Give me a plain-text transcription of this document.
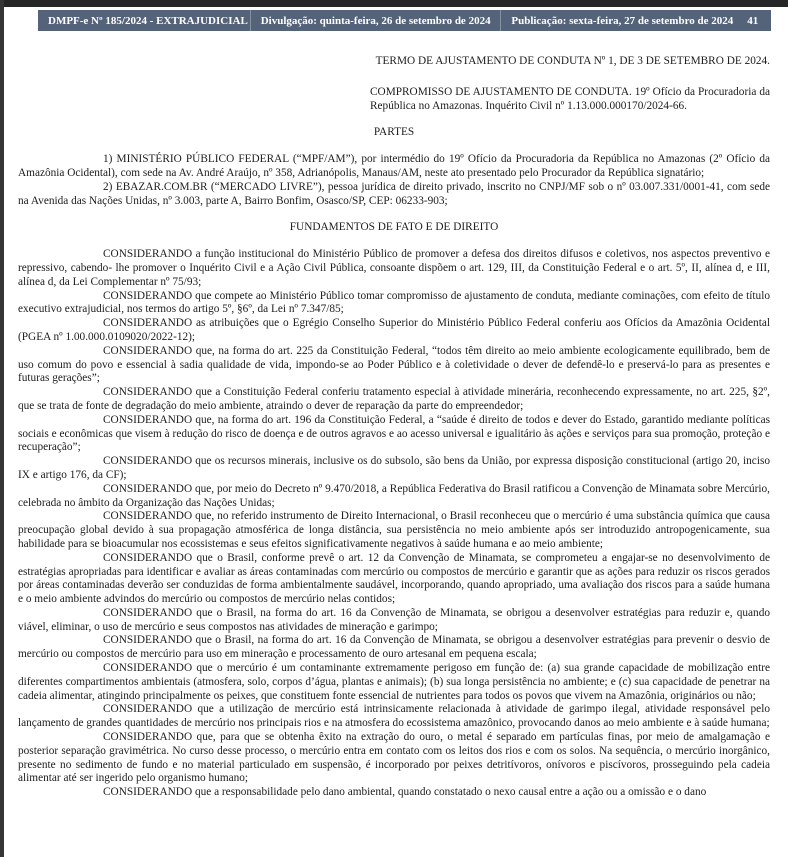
DMPF-e Nº 185/2024 - EXTRAJUDICIAL	Divulgação: quinta-feira, 26 de setembro de 2024	Publicação: sexta-feira, 27 de setembro de 2024	41

TERMO DE AJUSTAMENTO DE CONDUTA Nº 1, DE 3 DE SETEMBRO DE 2024.

COMPROMISSO DE AJUSTAMENTO DE CONDUTA. 19º Ofício da Procuradoria da República no Amazonas. Inquérito Civil nº 1.13.000.000170/2024-66.

PARTES

1) MINISTÉRIO PÚBLICO FEDERAL (“MPF/AM”), por intermédio do 19º Ofício da Procuradoria da República no Amazonas (2º Ofício da Amazônia Ocidental), com sede na Av. André Araújo, nº 358, Adrianópolis, Manaus/AM, neste ato presentado pelo Procurador da República signatário;

2) EBAZAR.COM.BR (“MERCADO LIVRE”), pessoa jurídica de direito privado, inscrito no CNPJ/MF sob o nº 03.007.331/0001-41, com sede na Avenida das Nações Unidas, nº 3.003, parte A, Bairro Bonfim, Osasco/SP, CEP: 06233-903;

FUNDAMENTOS DE FATO E DE DIREITO

CONSIDERANDO a função institucional do Ministério Público de promover a defesa dos direitos difusos e coletivos, nos aspectos preventivo e repressivo, cabendo- lhe promover o Inquérito Civil e a Ação Civil Pública, consoante dispõem o art. 129, III, da Constituição Federal e o art. 5º, II, alínea d, e III, alínea d, da Lei Complementar nº 75/93;

CONSIDERANDO que compete ao Ministério Público tomar compromisso de ajustamento de conduta, mediante cominações, com efeito de título executivo extrajudicial, nos termos do artigo 5º, §6º, da Lei nº 7.347/85;

CONSIDERANDO as atribuições que o Egrégio Conselho Superior do Ministério Público Federal conferiu aos Ofícios da Amazônia Ocidental (PGEA nº 1.00.000.0109020/2022-12);

CONSIDERANDO que, na forma do art. 225 da Constituição Federal, “todos têm direito ao meio ambiente ecologicamente equilibrado, bem de uso comum do povo e essencial à sadia qualidade de vida, impondo-se ao Poder Público e à coletividade o dever de defendê-lo e preservá-lo para as presentes e futuras gerações”;

CONSIDERANDO que a Constituição Federal conferiu tratamento especial à atividade minerária, reconhecendo expressamente, no art. 225, §2º, que se trata de fonte de degradação do meio ambiente, atraindo o dever de reparação da parte do empreendedor;

CONSIDERANDO que, na forma do art. 196 da Constituição Federal, a “saúde é direito de todos e dever do Estado, garantido mediante políticas sociais e econômicas que visem à redução do risco de doença e de outros agravos e ao acesso universal e igualitário às ações e serviços para sua promoção, proteção e recuperação”;

CONSIDERANDO que os recursos minerais, inclusive os do subsolo, são bens da União, por expressa disposição constitucional (artigo 20, inciso IX e artigo 176, da CF);

CONSIDERANDO que, por meio do Decreto nº 9.470/2018, a República Federativa do Brasil ratificou a Convenção de Minamata sobre Mercúrio, celebrada no âmbito da Organização das Nações Unidas;

CONSIDERANDO que, no referido instrumento de Direito Internacional, o Brasil reconheceu que o mercúrio é uma substância química que causa preocupação global devido à sua propagação atmosférica de longa distância, sua persistência no meio ambiente após ser introduzido antropogenicamente, sua habilidade para se bioacumular nos ecossistemas e seus efeitos significativamente negativos à saúde humana e ao meio ambiente;

CONSIDERANDO que o Brasil, conforme prevê o art. 12 da Convenção de Minamata, se comprometeu a engajar-se no desenvolvimento de estratégias apropriadas para identificar e avaliar as áreas contaminadas com mercúrio ou compostos de mercúrio e garantir que as ações para reduzir os riscos gerados por áreas contaminadas deverão ser conduzidas de forma ambientalmente saudável, incorporando, quando apropriado, uma avaliação dos riscos para a saúde humana e o meio ambiente advindos do mercúrio ou compostos de mercúrio nelas contidos;

CONSIDERANDO que o Brasil, na forma do art. 16 da Convenção de Minamata, se obrigou a desenvolver estratégias para reduzir e, quando viável, eliminar, o uso de mercúrio e seus compostos nas atividades de mineração e garimpo;

CONSIDERANDO que o Brasil, na forma do art. 16 da Convenção de Minamata, se obrigou a desenvolver estratégias para prevenir o desvio de mercúrio ou compostos de mercúrio para uso em mineração e processamento de ouro artesanal em pequena escala;

CONSIDERANDO que o mercúrio é um contaminante extremamente perigoso em função de: (a) sua grande capacidade de mobilização entre diferentes compartimentos ambientais (atmosfera, solo, corpos d’água, plantas e animais); (b) sua longa persistência no ambiente; e (c) sua capacidade de penetrar na cadeia alimentar, atingindo principalmente os peixes, que constituem fonte essencial de nutrientes para todos os povos que vivem na Amazônia, originários ou não;

CONSIDERANDO que a utilização de mercúrio está intrinsicamente relacionada à atividade de garimpo ilegal, atividade responsável pelo lançamento de grandes quantidades de mercúrio nos principais rios e na atmosfera do ecossistema amazônico, provocando danos ao meio ambiente e à saúde humana;

CONSIDERANDO que, para que se obtenha êxito na extração do ouro, o metal é separado em partículas finas, por meio de amalgamação e posterior separação gravimétrica. No curso desse processo, o mercúrio entra em contato com os leitos dos rios e com os solos. Na sequência, o mercúrio inorgânico, presente no sedimento de fundo e no material particulado em suspensão, é incorporado por peixes detritívoros, onívoros e piscívoros, prosseguindo pela cadeia alimentar até ser ingerido pelo organismo humano;

CONSIDERANDO que a responsabilidade pelo dano ambiental, quando constatado o nexo causal entre a ação ou a omissão e o dano
